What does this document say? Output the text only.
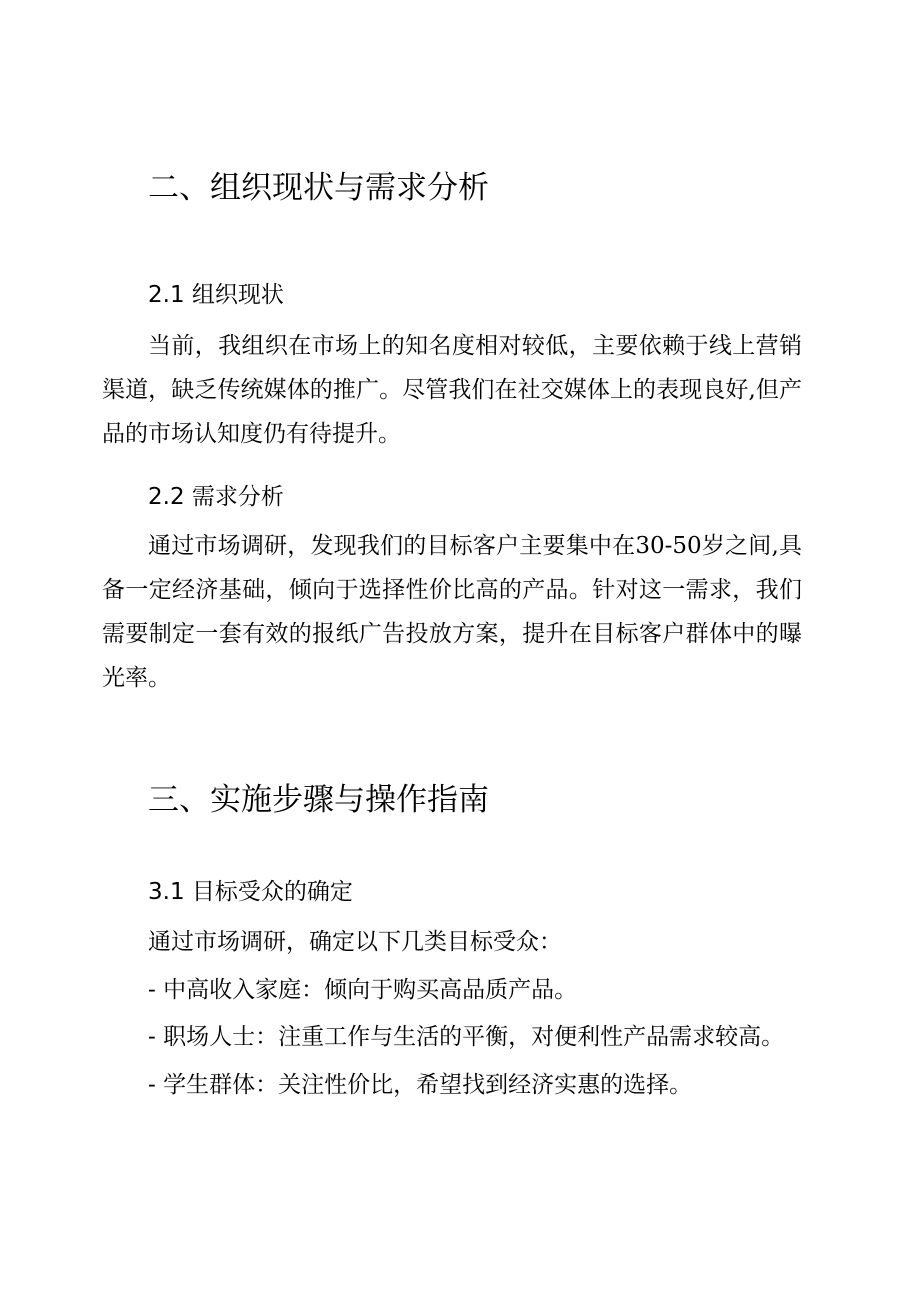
二、组织现状与需求分析
2.1 组织现状
当前，我组织在市场上的知名度相对较低，主要依赖于线上营销渠道，缺乏传统媒体的推广。尽管我们在社交媒体上的表现良好,但产品的市场认知度仍有待提升。
2.2 需求分析
通过市场调研，发现我们的目标客户主要集中在30-50岁之间,具备一定经济基础，倾向于选择性价比高的产品。针对这一需求，我们需要制定一套有效的报纸广告投放方案，提升在目标客户群体中的曝光率。
三、实施步骤与操作指南
3.1 目标受众的确定
通过市场调研，确定以下几类目标受众：
- 中高收入家庭：倾向于购买高品质产品。
- 职场人士：注重工作与生活的平衡，对便利性产品需求较高。
- 学生群体：关注性价比，希望找到经济实惠的选择。
